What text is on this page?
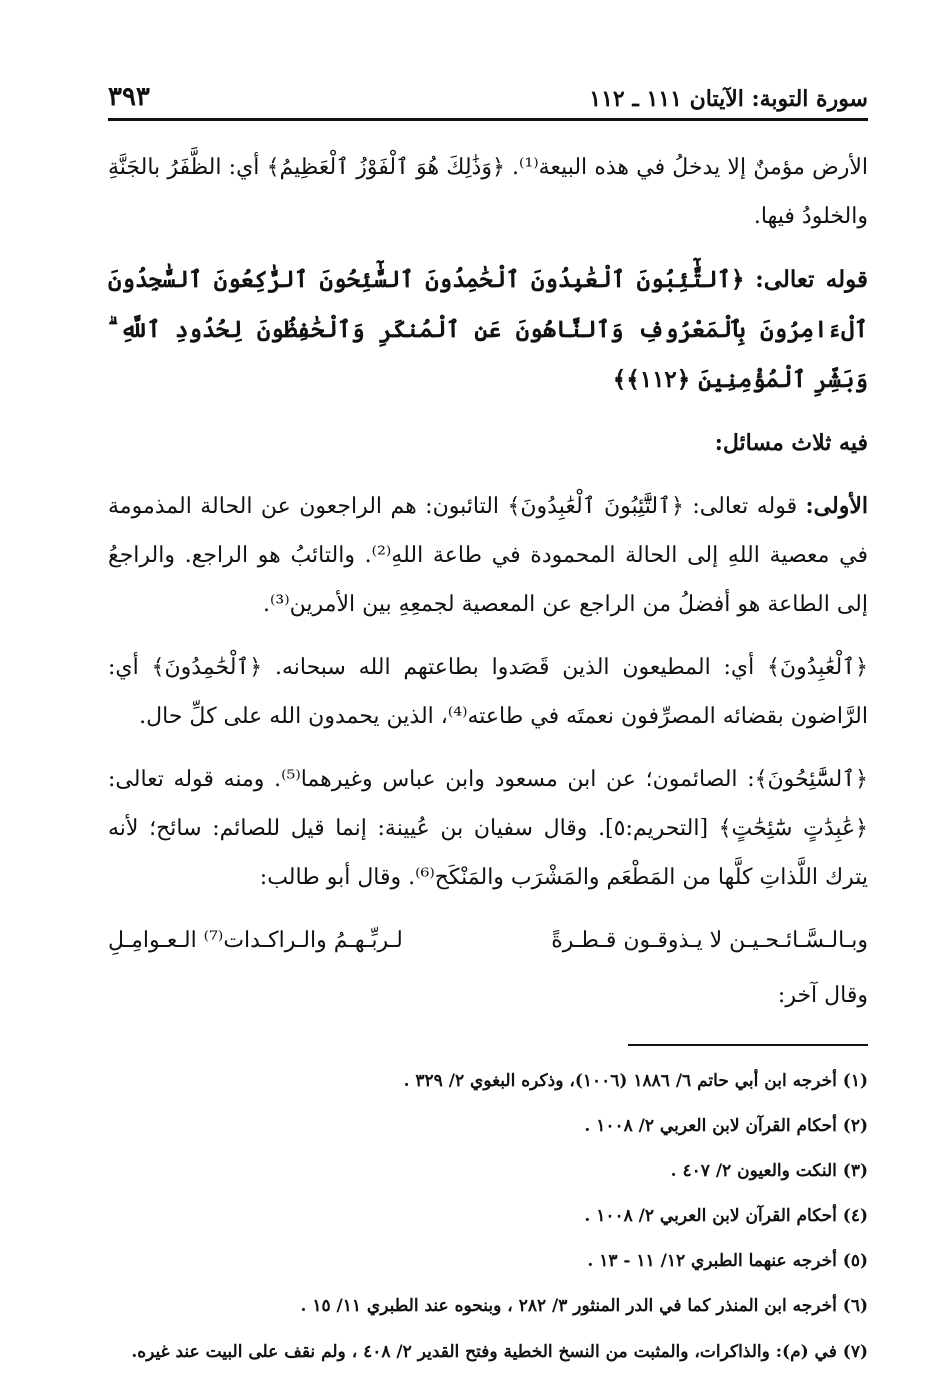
سورة التوبة: الآيتان ١١١ ـ ١١٢
٣٩٣

الأرض مؤمنٌ إلا يدخلُ في هذه البيعة⁽¹⁾. ﴿وَذَٰلِكَ هُوَ ٱلْفَوْزُ ٱلْعَظِيمُ﴾ أي: الظَّفَرُ بالجَنَّةِ والخلودُ فيها.

قوله تعالى: ﴿ٱلتَّٰٓئِبُونَ ٱلْعَٰبِدُونَ ٱلْحَٰمِدُونَ ٱلسَّٰٓئِحُونَ ٱلرَّٰكِعُونَ ٱلسَّٰجِدُونَ ٱلْءَامِرُونَ بِٱلْمَعْرُوفِ وَٱلنَّاهُونَ عَنِ ٱلْمُنكَرِ وَٱلْحَٰفِظُونَ لِحُدُودِ ٱللَّهِ ۗ وَبَشِّرِ ٱلْمُؤْمِنِينَ ﴿١١٢﴾﴾

فيه ثلاث مسائل:

الأولى: قوله تعالى: ﴿ٱلتَّٰٓئِبُونَ ٱلْعَٰبِدُونَ﴾ التائبون: هم الراجعون عن الحالة المذمومة في معصية اللهِ إلى الحالة المحمودة في طاعة اللهِ⁽²⁾. والتائبُ هو الراجع. والراجعُ إلى الطاعة هو أفضلُ من الراجع عن المعصية لجمعِهِ بين الأمرين⁽³⁾.

﴿ٱلْعَٰبِدُونَ﴾ أي: المطيعون الذين قَصَدوا بطاعتهم الله سبحانه. ﴿ٱلْحَٰمِدُونَ﴾ أي: الرَّاضون بقضائه المصرِّفون نعمتَه في طاعته⁽⁴⁾، الذين يحمدون الله على كلِّ حال.

﴿ٱلسَّٰٓئِحُونَ﴾: الصائمون؛ عن ابن مسعود وابن عباس وغيرهما⁽⁵⁾. ومنه قوله تعالى: ﴿عَٰبِدَٰتٍ سَٰٓئِحَٰتٍ﴾ [التحريم:٥]. وقال سفيان بن عُيينة: إنما قيل للصائم: سائح؛ لأنه يترك اللَّذاتِ كلَّها من المَطْعَم والمَشْرَب والمَنْكَح⁽⁶⁾. وقال أبو طالب:

وبـالـسَّـائـحـيـن لا يـذوقـون قـطـرةً
لـربِّـهـمُ والـراكـدات⁽⁷⁾ الـعـوامِـلِ

وقال آخر:

(١) أخرجه ابن أبي حاتم ٦/ ١٨٨٦ (١٠٠٦)، وذكره البغوي ٢/ ٣٢٩ .
(٢) أحكام القرآن لابن العربي ٢/ ١٠٠٨ .
(٣) النكت والعيون ٢/ ٤٠٧ .
(٤) أحكام القرآن لابن العربي ٢/ ١٠٠٨ .
(٥) أخرجه عنهما الطبري ١٢/ ١١ - ١٣ .
(٦) أخرجه ابن المنذر كما في الدر المنثور ٣/ ٢٨٢ ، وبنحوه عند الطبري ١١/ ١٥ .
(٧) في (م): والذاكرات، والمثبت من النسخ الخطية وفتح القدير ٢/ ٤٠٨ ، ولم نقف على البيت عند غيره.
